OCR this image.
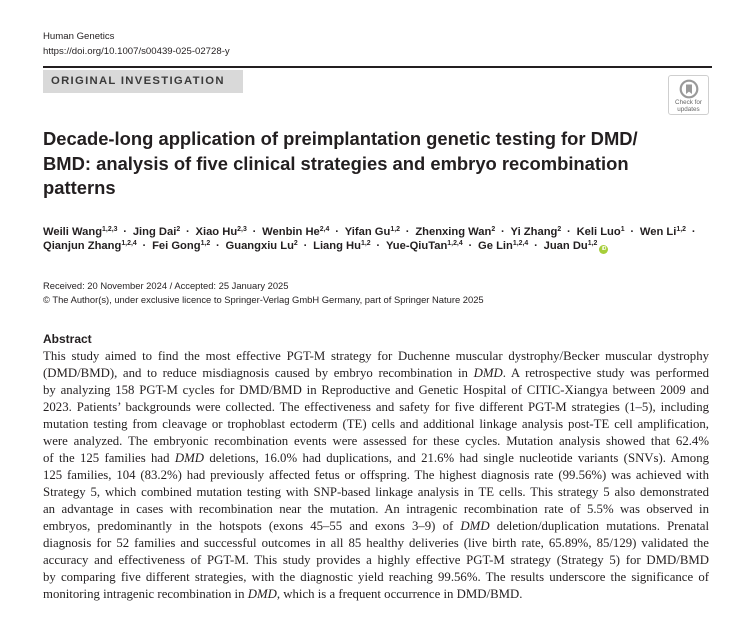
Human Genetics
https://doi.org/10.1007/s00439-025-02728-y
ORIGINAL INVESTIGATION
Check for
updates
Decade-long application of preimplantation genetic testing for DMD/
BMD: analysis of five clinical strategies and embryo recombination
patterns
Weili Wang$^{1,2,3}$ · Jing Dai$^2$ · Xiao Hu$^{2,3}$ · Wenbin He$^{2,4}$ · Yifan Gu$^{1,2}$ · Zhenxing Wan$^2$ · Yi Zhang$^2$ · Keli Luo$^1$ · Wen Li$^{1,2}$ ·
Qianjun Zhang$^{1,2,4}$ · Fei Gong$^{1,2}$ · Guangxiu Lu$^2$ · Liang Hu$^{1,2}$ · Yue-QiuTan$^{1,2,4}$ · Ge Lin$^{1,2,4}$ · Juan Du$^{1,2}$iD
Received: 20 November 2024 / Accepted: 25 January 2025
© The Author(s), under exclusive licence to Springer-Verlag GmbH Germany, part of Springer Nature 2025
Abstract
This study aimed to find the most effective PGT-M strategy for Duchenne muscular dystrophy/Becker muscular dystrophy
(DMD/BMD), and to reduce misdiagnosis caused by embryo recombination in DMD. A retrospective study was performed
by analyzing 158 PGT-M cycles for DMD/BMD in Reproductive and Genetic Hospital of CITIC-Xiangya between 2009 and
2023. Patients’ backgrounds were collected. The effectiveness and safety for five different PGT-M strategies (1–5), including
mutation testing from cleavage or trophoblast ectoderm (TE) cells and additional linkage analysis post-TE cell amplification,
were analyzed. The embryonic recombination events were assessed for these cycles. Mutation analysis showed that 62.4%
of the 125 families had DMD deletions, 16.0% had duplications, and 21.6% had single nucleotide variants (SNVs). Among
125 families, 104 (83.2%) had previously affected fetus or offspring. The highest diagnosis rate (99.56%) was achieved with
Strategy 5, which combined mutation testing with SNP-based linkage analysis in TE cells. This strategy 5 also demonstrated
an advantage in cases with recombination near the mutation. An intragenic recombination rate of 5.5% was observed in
embryos, predominantly in the hotspots (exons 45–55 and exons 3–9) of DMD deletion/duplication mutations. Prenatal
diagnosis for 52 families and successful outcomes in all 85 healthy deliveries (live birth rate, 65.89%, 85/129) validated the
accuracy and effectiveness of PGT-M. This study provides a highly effective PGT-M strategy (Strategy 5) for DMD/BMD
by comparing five different strategies, with the diagnostic yield reaching 99.56%. The results underscore the significance of
monitoring intragenic recombination in DMD, which is a frequent occurrence in DMD/BMD.
